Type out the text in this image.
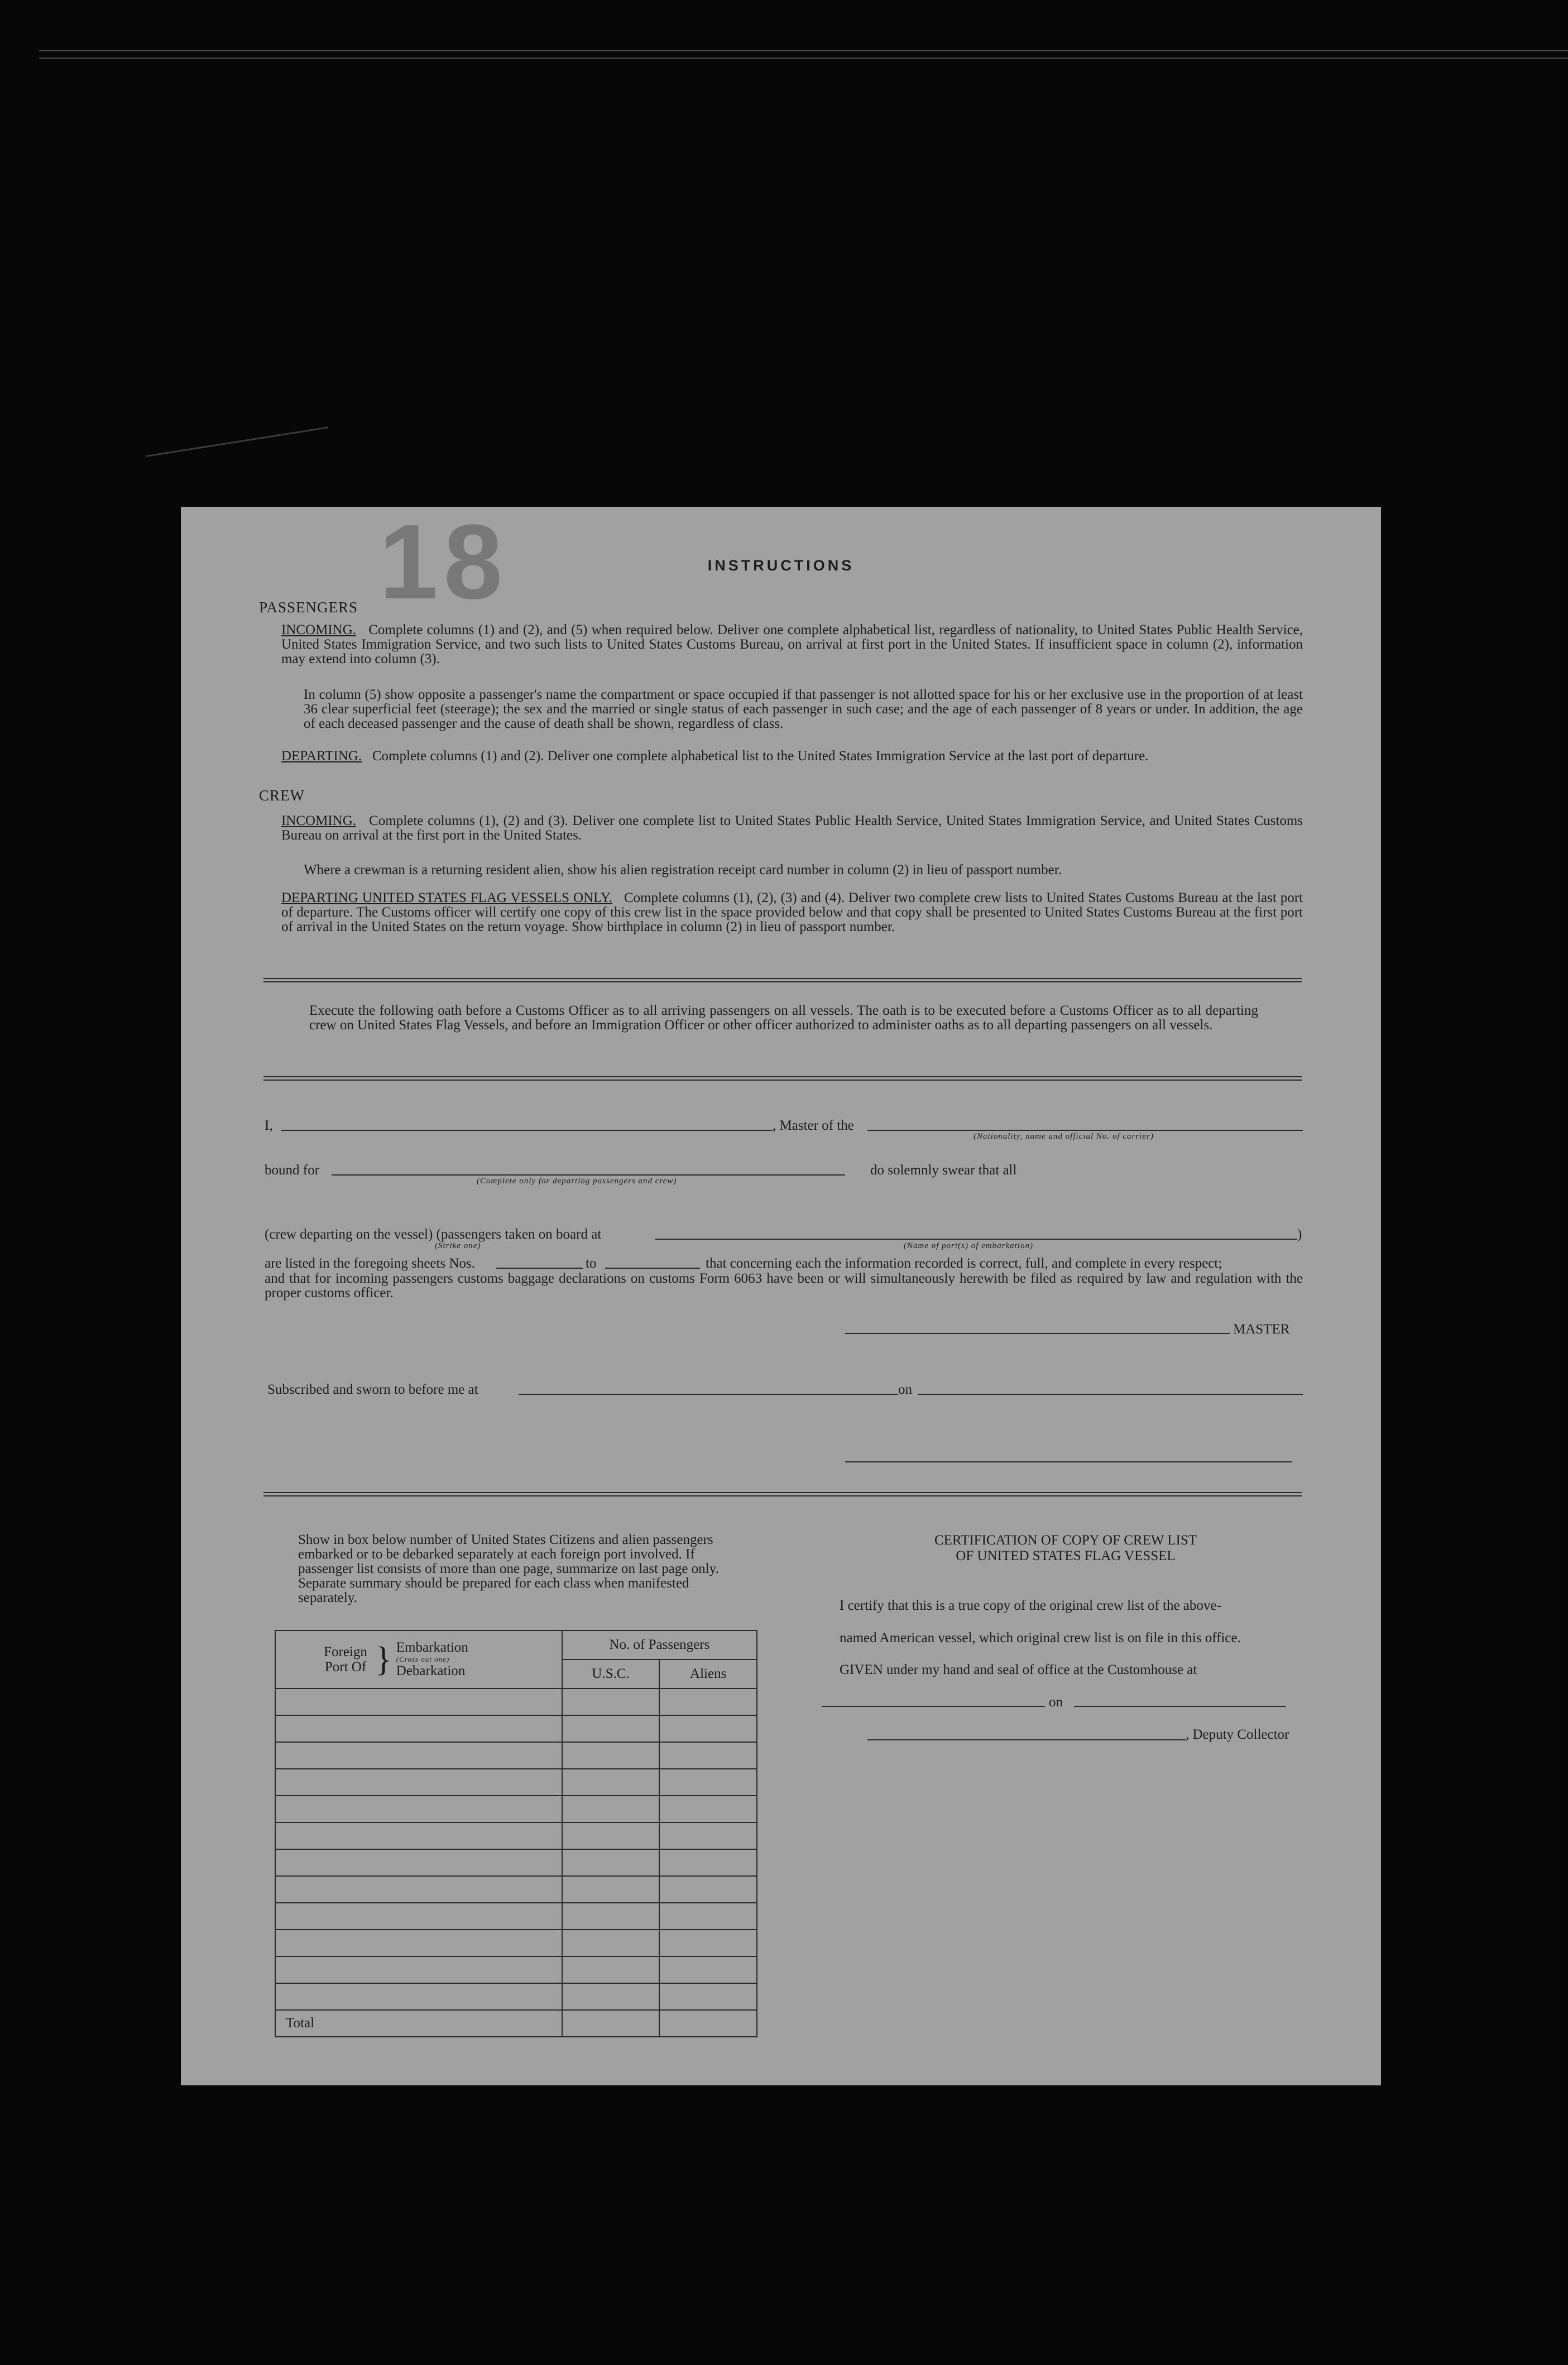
18	INSTRUCTIONS
PASSENGERS
INCOMING. Complete columns (1) and (2), and (5) when required below. Deliver one complete alphabetical list, regardless of nationality, to United States Public Health Service, United States Immigration Service, and two such lists to United States Customs Bureau, on arrival at first port in the United States. If insufficient space in column (2), information may extend into column (3).
In column (5) show opposite a passenger's name the compartment or space occupied if that passenger is not allotted space for his or her exclusive use in the proportion of at least 36 clear superficial feet (steerage); the sex and the married or single status of each passenger in such case; and the age of each passenger of 8 years or under. In addition, the age of each deceased passenger and the cause of death shall be shown, regardless of class.
DEPARTING. Complete columns (1) and (2). Deliver one complete alphabetical list to the United States Immigration Service at the last port of departure.
CREW
INCOMING. Complete columns (1), (2) and (3). Deliver one complete list to United States Public Health Service, United States Immigration Service, and United States Customs Bureau on arrival at the first port in the United States.
Where a crewman is a returning resident alien, show his alien registration receipt card number in column (2) in lieu of passport number.
DEPARTING UNITED STATES FLAG VESSELS ONLY. Complete columns (1), (2), (3) and (4). Deliver two complete crew lists to United States Customs Bureau at the last port of departure. The Customs officer will certify one copy of this crew list in the space provided below and that copy shall be presented to United States Customs Bureau at the first port of arrival in the United States on the return voyage. Show birthplace in column (2) in lieu of passport number.
Execute the following oath before a Customs Officer as to all arriving passengers on all vessels. The oath is to be executed before a Customs Officer as to all departing crew on United States Flag Vessels, and before an Immigration Officer or other officer authorized to administer oaths as to all departing passengers on all vessels.
I,	, Master of the
(Nationality, name and official No. of carrier)
bound for	do solemnly swear that all
(Complete only for departing passengers and crew)
(crew departing on the vessel) (passengers taken on board at	)
(Strike one)	(Name of port(s) of embarkation)
are listed in the foregoing sheets Nos.	to	that concerning each the information recorded is correct, full, and complete in every respect;
and that for incoming passengers customs baggage declarations on customs Form 6063 have been or will simultaneously herewith be filed as required by law and regulation with the proper customs officer.
MASTER
Subscribed and sworn to before me at	on
Show in box below number of United States Citizens and alien passengers embarked or to be debarked separately at each foreign port involved. If passenger list consists of more than one page, summarize on last page only. Separate summary should be prepared for each class when manifested separately.
Foreign Port Of } Embarkation
(Cross out one)
Debarkation	No. of Passengers	
	U.S.C.	Aliens

Total		
CERTIFICATION OF COPY OF CREW LIST
OF UNITED STATES FLAG VESSEL
I certify that this is a true copy of the original crew list of the above-
named American vessel, which original crew list is on file in this office.
GIVEN under my hand and seal of office at the Customhouse at
on
, Deputy Collector
